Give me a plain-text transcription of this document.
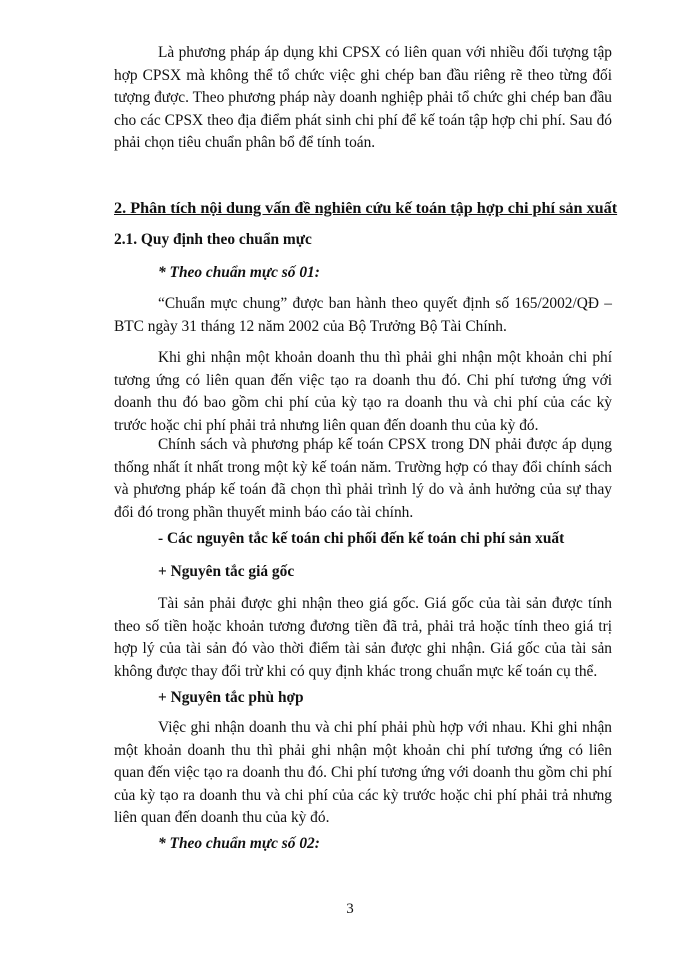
Là phương pháp áp dụng khi CPSX có liên quan với nhiều đối tượng tập hợp CPSX mà không thể tổ chức việc ghi chép ban đầu riêng rẽ theo từng đối tượng được. Theo phương pháp này doanh nghiệp phải tổ chức ghi chép ban đầu cho các CPSX theo địa điểm phát sinh chi phí để kế toán tập hợp chi phí. Sau đó phải chọn tiêu chuẩn phân bổ để tính toán.

2. Phân tích nội dung vấn đề nghiên cứu kế toán tập hợp chi phí sản xuất

2.1. Quy định theo chuẩn mực

* Theo chuẩn mực số 01:

“Chuẩn mực chung” được ban hành theo quyết định số 165/2002/QĐ – BTC ngày 31 tháng 12 năm 2002 của Bộ Trưởng Bộ Tài Chính.

Khi ghi nhận một khoản doanh thu thì phải ghi nhận một khoản chi phí tương ứng có liên quan đến việc tạo ra doanh thu đó. Chi phí tương ứng với doanh thu đó bao gồm chi phí của kỳ tạo ra doanh thu và chi phí của các kỳ trước hoặc chi phí phải trả nhưng liên quan đến doanh thu của kỳ đó.

Chính sách và phương pháp kế toán CPSX trong DN phải được áp dụng thống nhất ít nhất trong một kỳ kế toán năm. Trường hợp có thay đổi chính sách và phương pháp kế toán đã chọn thì phải trình lý do và ảnh hưởng của sự thay đổi đó trong phần thuyết minh báo cáo tài chính.

- Các nguyên tắc kế toán chi phối đến kế toán chi phí sản xuất

+ Nguyên tắc giá gốc

Tài sản phải được ghi nhận theo giá gốc. Giá gốc của tài sản được tính theo số tiền hoặc khoản tương đương tiền đã trả, phải trả hoặc tính theo giá trị hợp lý của tài sản đó vào thời điểm tài sản được ghi nhận. Giá gốc của tài sản không được thay đổi trừ khi có quy định khác trong chuẩn mực kế toán cụ thể.

+ Nguyên tắc phù hợp

Việc ghi nhận doanh thu và chi phí phải phù hợp với nhau. Khi ghi nhận một khoản doanh thu thì phải ghi nhận một khoản chi phí tương ứng có liên quan đến việc tạo ra doanh thu đó. Chi phí tương ứng với doanh thu gồm chi phí của kỳ tạo ra doanh thu và chi phí của các kỳ trước hoặc chi phí phải trả nhưng liên quan đến doanh thu của kỳ đó.

* Theo chuẩn mực số 02:

3
